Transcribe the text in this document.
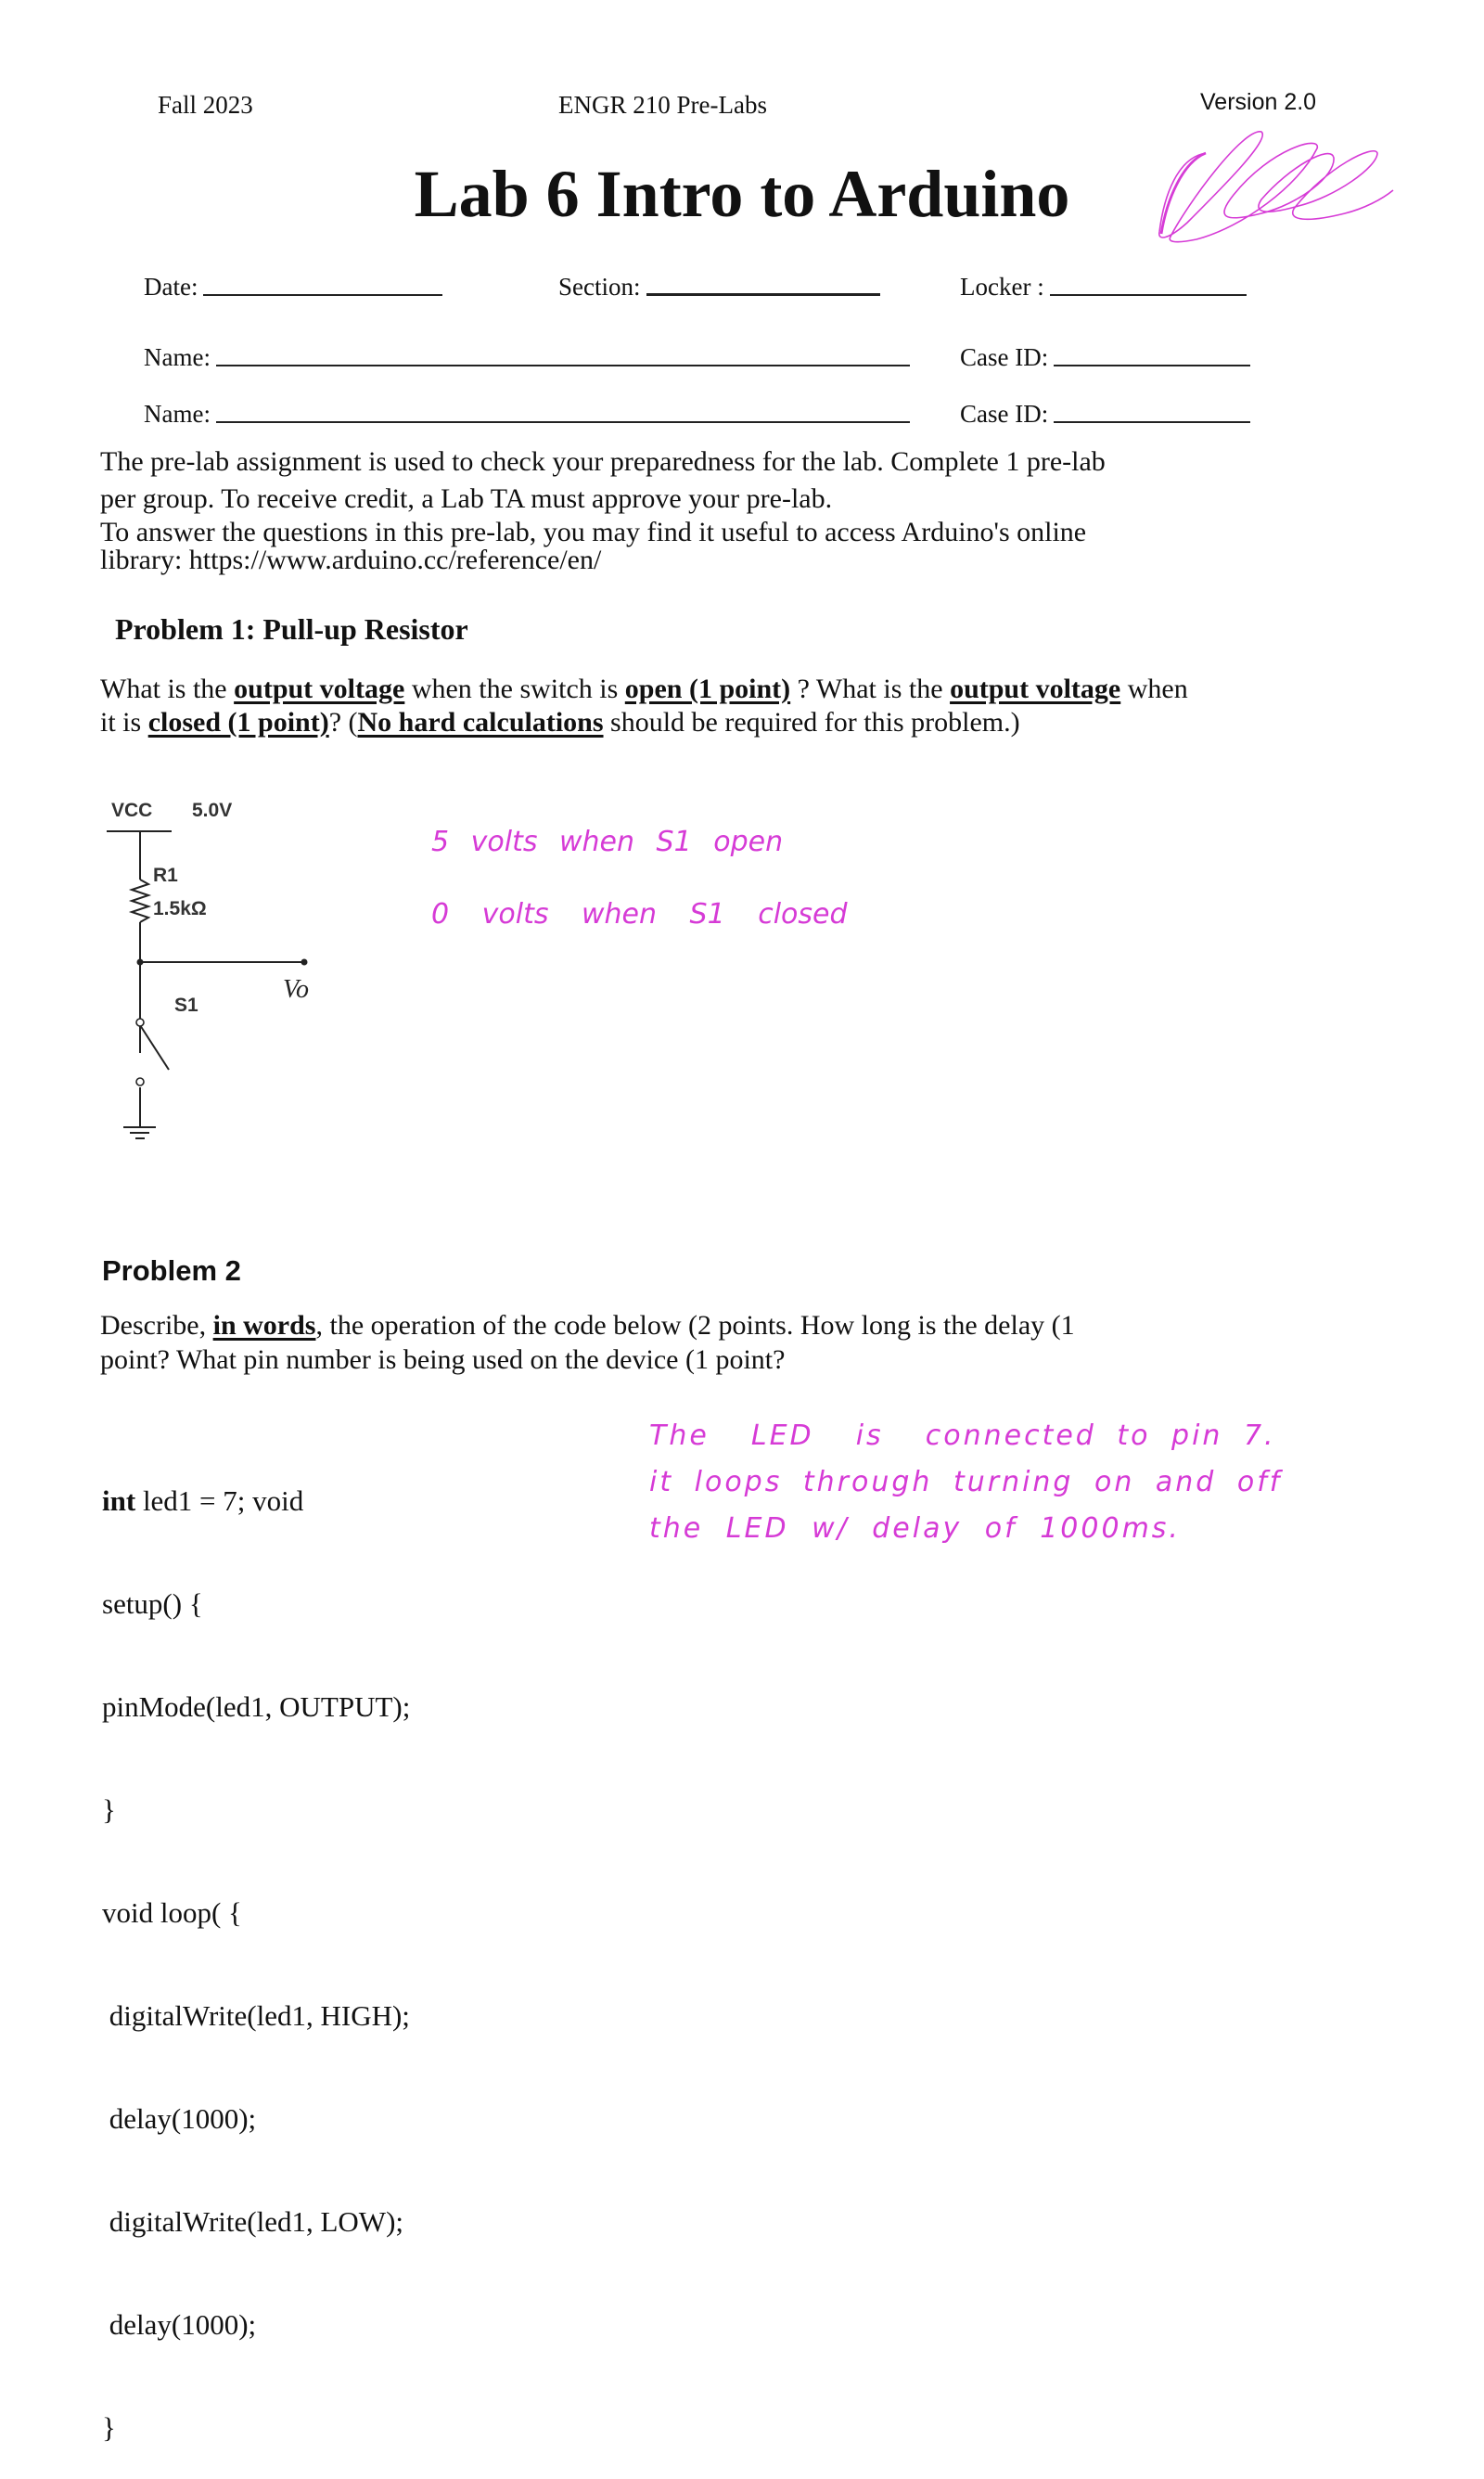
Fall 2023	ENGR 210 Pre-Labs	Version 2.0
Lab 6 Intro to Arduino
Date:	Section:	Locker :
Name:	Case ID:
Name:	Case ID:
The pre-lab assignment is used to check your preparedness for the lab. Complete 1 pre-lab
per group. To receive credit, a Lab TA must approve your pre-lab.
To answer the questions in this pre-lab, you may find it useful to access Arduino's online
library: https://www.arduino.cc/reference/en/
Problem 1: Pull-up Resistor
What is the output voltage when the switch is open (1 point) ? What is the output voltage when
it is closed (1 point)? (No hard calculations should be required for this problem.)
VCC 5.0V
R1
1.5kΩ
S1
Vo
5 volts when S1 open
0 volts when S1 closed
Problem 2
Describe, in words, the operation of the code below (2 points. How long is the delay (1
point? What pin number is being used on the device (1 point?

int led1 = 7; void

setup() {

pinMode(led1, OUTPUT);

}

void loop( {

digitalWrite(led1, HIGH);

delay(1000);

digitalWrite(led1, LOW);

delay(1000);

}

The  LED  is  connected to pin 7.
it loops through turning on and off
the LED w/ delay of 1000ms.
